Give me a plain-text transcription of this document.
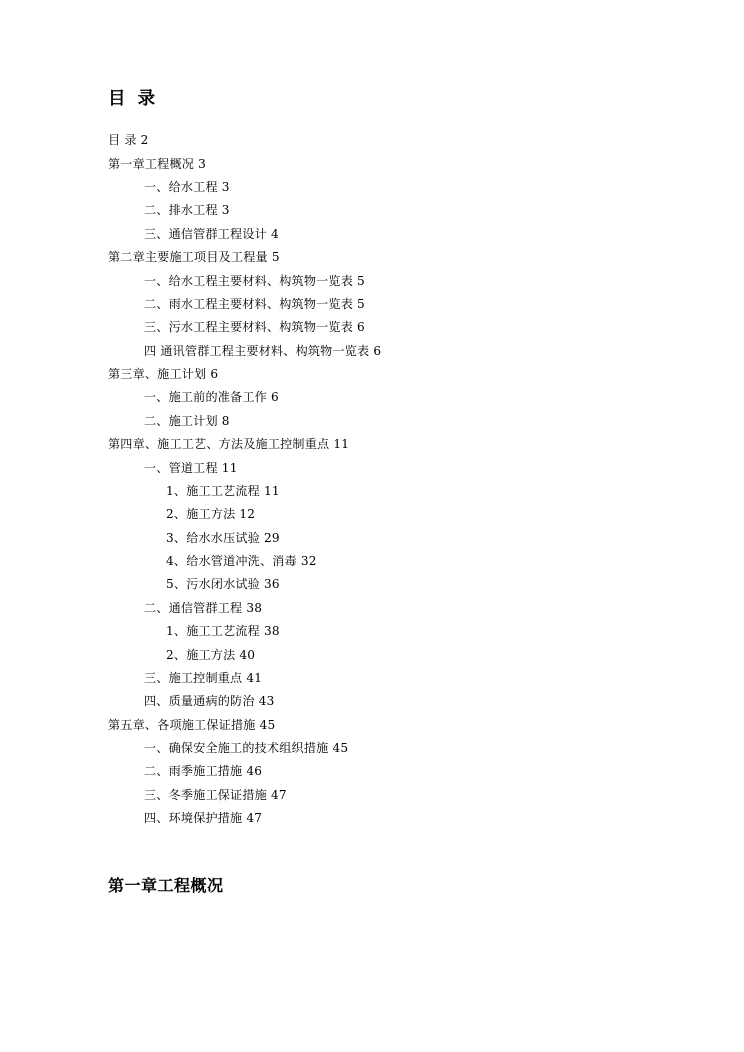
目 录
目 录 2
第一章工程概况 3
一、给水工程 3
二、排水工程 3
三、通信管群工程设计 4
第二章主要施工项目及工程量 5
一、给水工程主要材料、构筑物一览表 5
二、雨水工程主要材料、构筑物一览表 5
三、污水工程主要材料、构筑物一览表 6
四 通讯管群工程主要材料、构筑物一览表 6
第三章、施工计划 6
一、施工前的准备工作 6
二、施工计划 8
第四章、施工工艺、方法及施工控制重点 11
一、管道工程 11
1、施工工艺流程 11
2、施工方法 12
3、给水水压试验 29
4、给水管道冲洗、消毒 32
5、污水闭水试验 36
二、通信管群工程 38
1、施工工艺流程 38
2、施工方法 40
三、施工控制重点 41
四、质量通病的防治 43
第五章、各项施工保证措施 45
一、确保安全施工的技术组织措施 45
二、雨季施工措施 46
三、冬季施工保证措施 47
四、环境保护措施 47
第一章工程概况
